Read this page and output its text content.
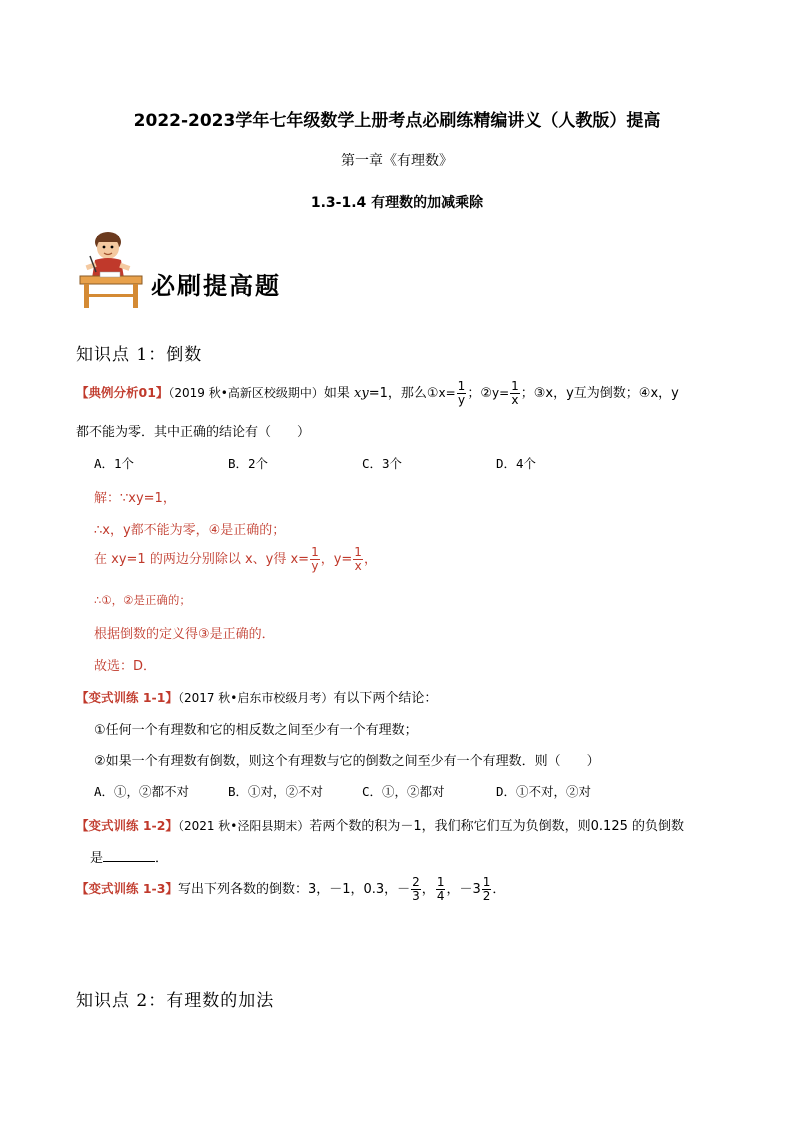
2022-2023学年七年级数学上册考点必刷练精编讲义（人教版）提高
第一章《有理数》
1.3-1.4 有理数的加减乘除
必刷提高题
知识点 1：倒数
【典例分析01】（2019 秋•高新区校级期中）如果 xy=1，那么①x= $\frac{1}{y}$ ；②y= $\frac{1}{x}$ ；③x，y互为倒数；④x，y
都不能为零．其中正确的结论有（　　）
A．1个	B．2个	C．3个	D．4个
解：∵xy=1，
∴x，y都不能为零，④是正确的；
在 xy=1 的两边分别除以 x、y得 $x= \frac{1}{y}$ ，$y= \frac{1}{x}$ ，
∴①，②是正确的；
根据倒数的定义得③是正确的．
故选：D．
【变式训练 1-1】（2017 秋•启东市校级月考）有以下两个结论：
①任何一个有理数和它的相反数之间至少有一个有理数；
②如果一个有理数有倒数，则这个有理数与它的倒数之间至少有一个有理数．则（　　）
A．①，②都不对	B．①对，②不对	C．①，②都对	D．①不对，②对
【变式训练 1-2】（2021 秋•泾阳县期末）若两个数的积为－1，我们称它们互为负倒数，则0.125 的负倒数
是	．
【变式训练 1-3】写出下列各数的倒数：3，－1，0.3，－ $\frac{2}{3}$ ， $\frac{1}{4}$ ，$-3 \frac{1}{2}$ ．
知识点 2：有理数的加法
